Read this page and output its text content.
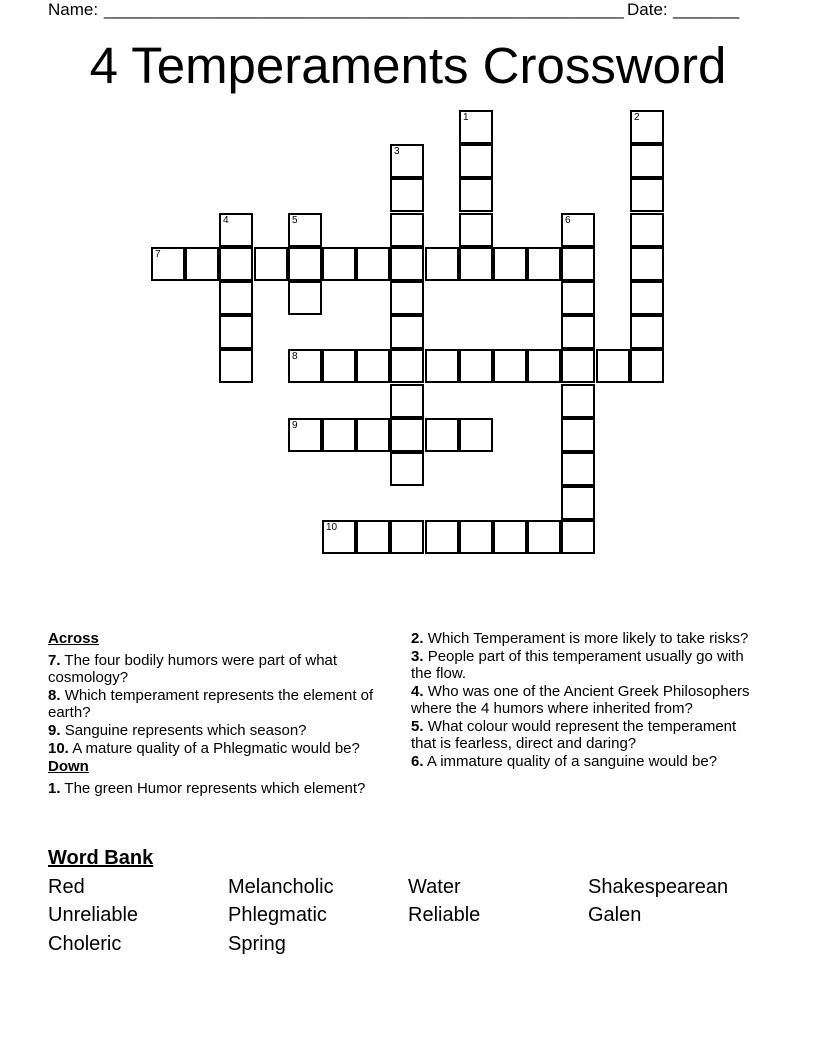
Name: _______________________________________________________ Date: _______
4 Temperaments Crossword
7
8
9
10
1	2
3
4	5	6

Across

7. The four bodily humors were part of what cosmology?

8. Which temperament represents the element of earth?

9. Sanguine represents which season?

10. A mature quality of a Phlegmatic would be?

Down

1. The green Humor represents which element?

2. Which Temperament is more likely to take risks?

3. People part of this temperament usually go with the flow.

4. Who was one of the Ancient Greek Philosophers where the 4 humors where inherited from?

5. What colour would represent the temperament that is fearless, direct and daring?

6. A immature quality of a sanguine would be?

Word Bank
Red	Melancholic	Water	Shakespearean
Unreliable	Phlegmatic	Reliable	Galen
Choleric	Spring
